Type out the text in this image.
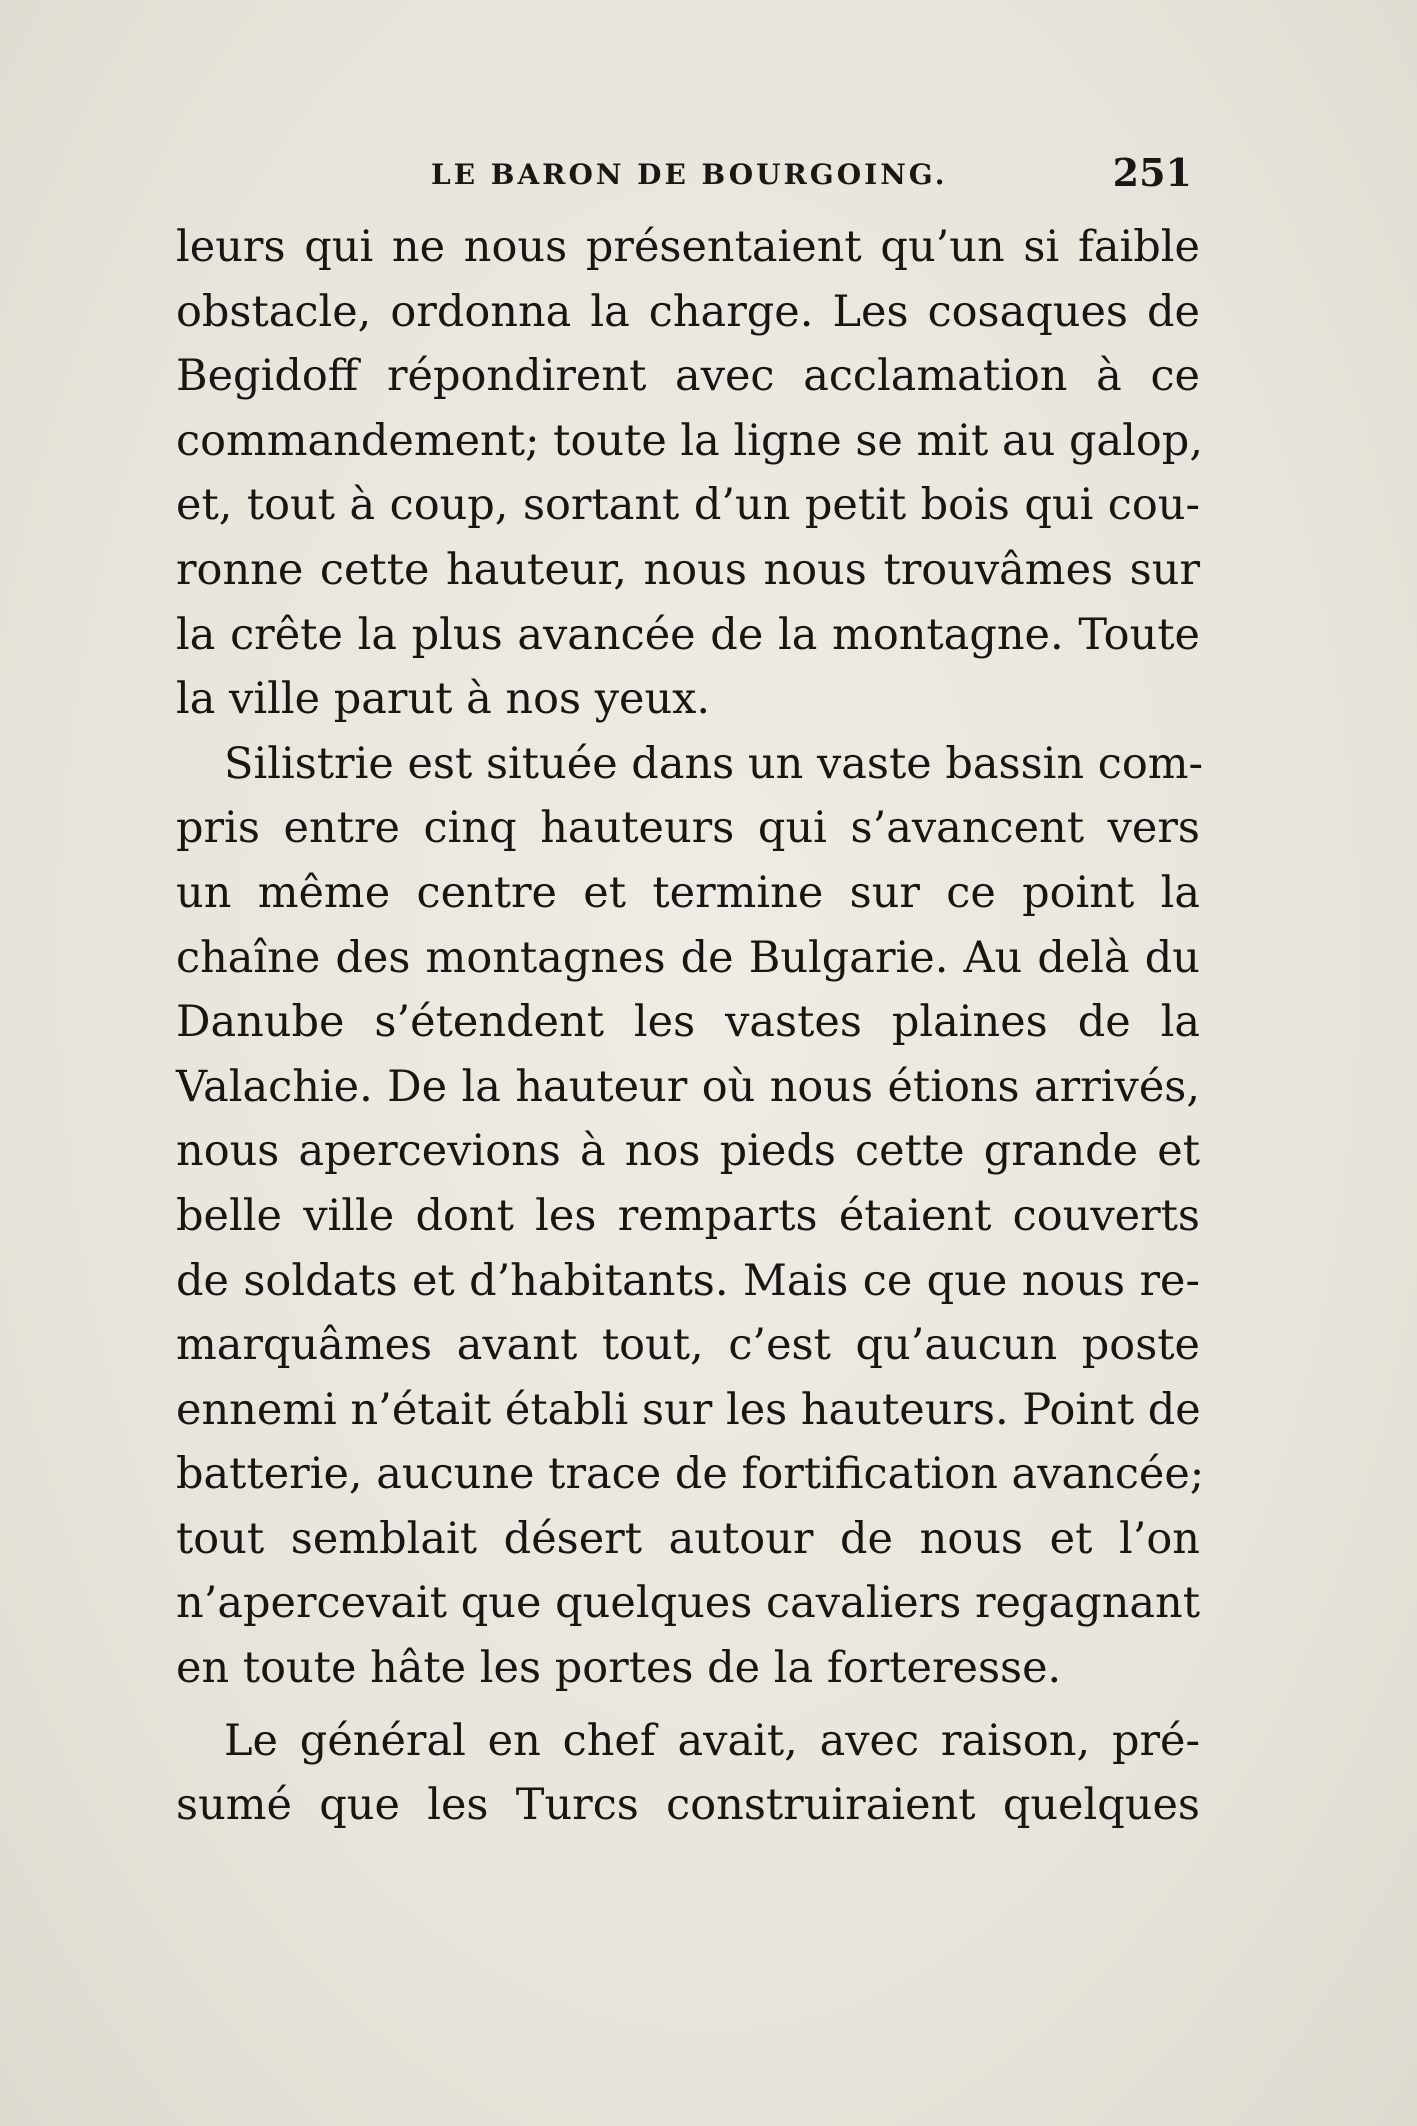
LE BARON DE BOURGOING.	251
leurs qui ne nous présentaient qu’un si faible
obstacle, ordonna la charge. Les cosaques de
Begidoff répondirent avec acclamation à ce
commandement; toute la ligne se mit au galop,
et, tout à coup, sortant d’un petit bois qui cou-
ronne cette hauteur, nous nous trouvâmes sur
la crête la plus avancée de la montagne. Toute
la ville parut à nos yeux.
Silistrie est située dans un vaste bassin com-
pris entre cinq hauteurs qui s’avancent vers
un même centre et termine sur ce point la
chaîne des montagnes de Bulgarie. Au delà du
Danube s’étendent les vastes plaines de la
Valachie. De la hauteur où nous étions arrivés,
nous apercevions à nos pieds cette grande et
belle ville dont les remparts étaient couverts
de soldats et d’habitants. Mais ce que nous re-
marquâmes avant tout, c’est qu’aucun poste
ennemi n’était établi sur les hauteurs. Point de
batterie, aucune trace de fortification avancée;
tout semblait désert autour de nous et l’on
n’apercevait que quelques cavaliers regagnant
en toute hâte les portes de la forteresse.
Le général en chef avait, avec raison, pré-
sumé que les Turcs construiraient quelques
